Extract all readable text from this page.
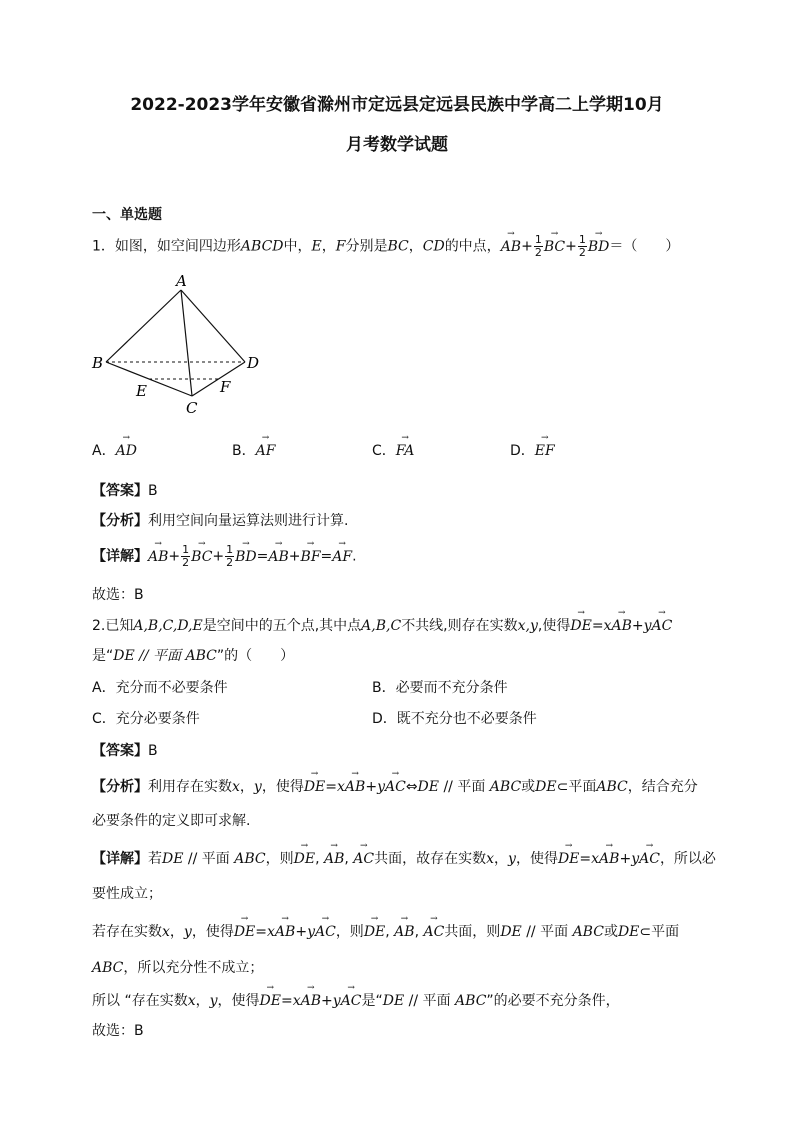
2022-2023学年安徽省滁州市定远县定远县民族中学高二上学期10月
月考数学试题
一、单选题
1．如图，如空间四边形ABCD中，E，F分别是BC，CD的中点，→ $AB+ \frac{1}{2}$
→ $BC+ \frac{1}{2}$
→ BD＝（　　）
A
B
C
D
E	F
A．→ AD	B．→ AF	C．→ FA	D．→ EF
【答案】B
【分析】利用空间向量运算法则进行计算.
【详解】→ $AB+ \frac{1}{2}$
→ $BC+ \frac{1}{2}$
→ BD=→ AB+→ BF=→ AF.
故选：B
2.已知A,B,C,D,E是空间中的五个点,其中点A,B,C不共线,则存在实数x,y,使得→ DE=x→ AB+y→ AC
是“DE // 平面 ABC”的（　　）
A．充分而不必要条件	B．必要而不充分条件
C．充分必要条件	D．既不充分也不必要条件
【答案】B
【分析】利用存在实数x，y，使得→ DE=x→ AB+y→ AC⇔DE // 平面 ABC或DE⊂平面ABC，结合充分
必要条件的定义即可求解.
【详解】若DE // 平面 ABC，则→ DE, → AB, → AC共面，故存在实数x，y，使得→ DE=x→ AB+y→ AC，所以必
要性成立；
若存在实数x，y，使得→ DE=x→ AB+y→ AC，则→ DE, → AB, → AC共面，则DE // 平面 ABC或DE⊂平面
ABC，所以充分性不成立；
所以 “存在实数x，y，使得→ DE=x→ AB+y→ AC是“DE // 平面 ABC”的必要不充分条件，
故选：B
